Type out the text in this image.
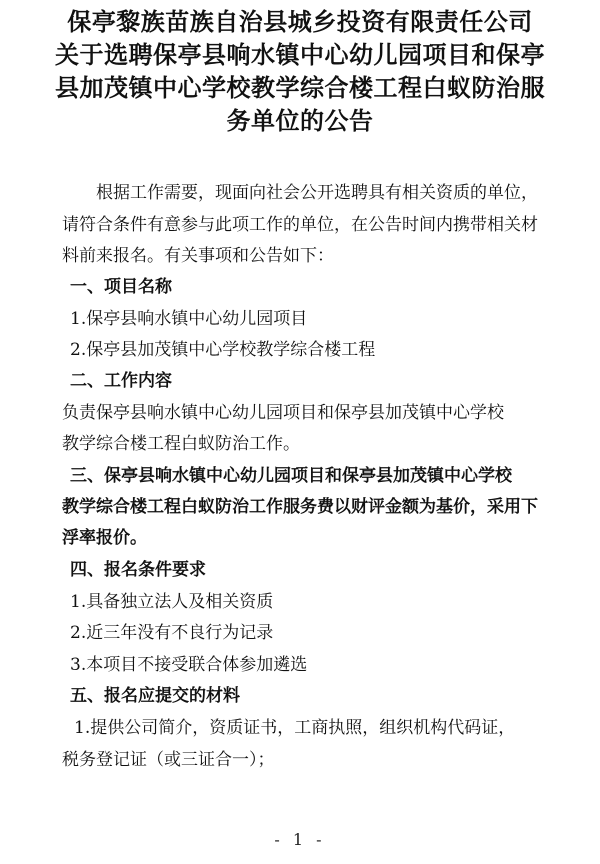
保亭黎族苗族自治县城乡投资有限责任公司
关于选聘保亭县响水镇中心幼儿园项目和保亭
县加茂镇中心学校教学综合楼工程白蚁防治服
务单位的公告
根据工作需要，现面向社会公开选聘具有相关资质的单位，
请符合条件有意参与此项工作的单位，在公告时间内携带相关材
料前来报名。有关事项和公告如下：
一、项目名称
1.保亭县响水镇中心幼儿园项目
2.保亭县加茂镇中心学校教学综合楼工程
二、工作内容
负责保亭县响水镇中心幼儿园项目和保亭县加茂镇中心学校
教学综合楼工程白蚁防治工作。
三、保亭县响水镇中心幼儿园项目和保亭县加茂镇中心学校
教学综合楼工程白蚁防治工作服务费以财评金额为基价，采用下
浮率报价。
四、报名条件要求
1.具备独立法人及相关资质
2.近三年没有不良行为记录
3.本项目不接受联合体参加遴选
五、报名应提交的材料
1.提供公司简介，资质证书，工商执照，组织机构代码证，
税务登记证（或三证合一）；
- 1 -
